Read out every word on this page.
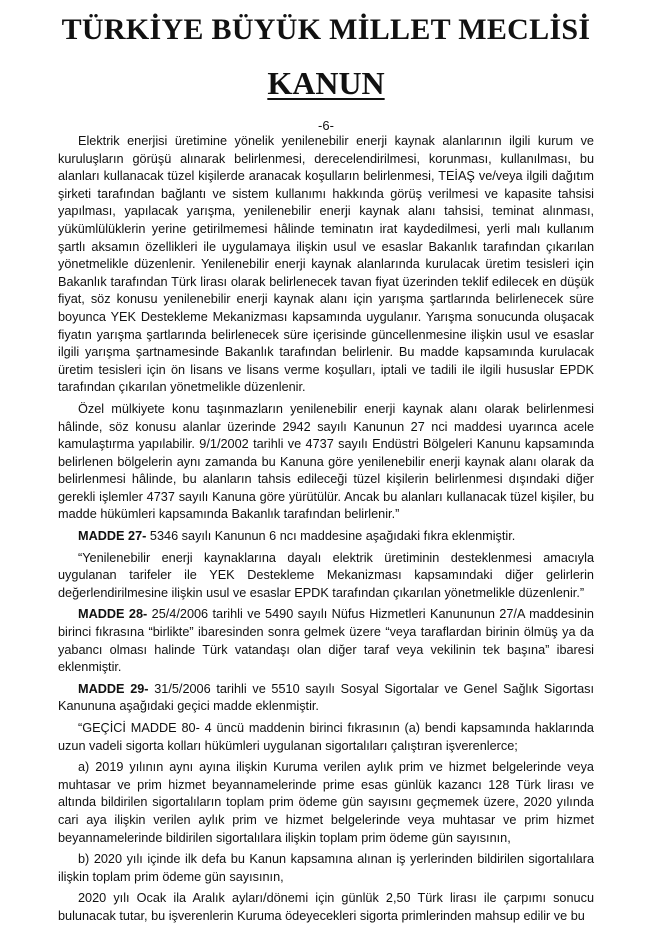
TÜRKİYE BÜYÜK MİLLET MECLİSİ
KANUN
-6-

Elektrik enerjisi üretimine yönelik yenilenebilir enerji kaynak alanlarının ilgili kurum ve kuruluşların görüşü alınarak belirlenmesi, derecelendirilmesi, korunması, kullanılması, bu alanları kullanacak tüzel kişilerde aranacak koşulların belirlenmesi, TEİAŞ ve/veya ilgili dağıtım şirketi tarafından bağlantı ve sistem kullanımı hakkında görüş verilmesi ve kapasite tahsisi yapılması, yapılacak yarışma, yenilenebilir enerji kaynak alanı tahsisi, teminat alınması, yükümlülüklerin yerine getirilmemesi hâlinde teminatın irat kaydedilmesi, yerli malı kullanım şartlı aksamın özellikleri ile uygulamaya ilişkin usul ve esaslar Bakanlık tarafından çıkarılan yönetmelikle düzenlenir. Yenilenebilir enerji kaynak alanlarında kurulacak üretim tesisleri için Bakanlık tarafından Türk lirası olarak belirlenecek tavan fiyat üzerinden teklif edilecek en düşük fiyat, söz konusu yenilenebilir enerji kaynak alanı için yarışma şartlarında belirlenecek süre boyunca YEK Destekleme Mekanizması kapsamında uygulanır. Yarışma sonucunda oluşacak fiyatın yarışma şartlarında belirlenecek süre içerisinde güncellenmesine ilişkin usul ve esaslar ilgili yarışma şartnamesinde Bakanlık tarafından belirlenir. Bu madde kapsamında kurulacak üretim tesisleri için ön lisans ve lisans verme koşulları, iptali ve tadili ile ilgili hususlar EPDK tarafından çıkarılan yönetmelikle düzenlenir.

Özel mülkiyete konu taşınmazların yenilenebilir enerji kaynak alanı olarak belirlenmesi hâlinde, söz konusu alanlar üzerinde 2942 sayılı Kanunun 27 nci maddesi uyarınca acele kamulaştırma yapılabilir. 9/1/2002 tarihli ve 4737 sayılı Endüstri Bölgeleri Kanunu kapsamında belirlenen bölgelerin aynı zamanda bu Kanuna göre yenilenebilir enerji kaynak alanı olarak da belirlenmesi hâlinde, bu alanların tahsis edileceği tüzel kişilerin belirlenmesi dışındaki diğer gerekli işlemler 4737 sayılı Kanuna göre yürütülür. Ancak bu alanları kullanacak tüzel kişiler, bu madde hükümleri kapsamında Bakanlık tarafından belirlenir.”

MADDE 27- 5346 sayılı Kanunun 6 ncı maddesine aşağıdaki fıkra eklenmiştir.

“Yenilenebilir enerji kaynaklarına dayalı elektrik üretiminin desteklenmesi amacıyla uygulanan tarifeler ile YEK Destekleme Mekanizması kapsamındaki diğer gelirlerin değerlendirilmesine ilişkin usul ve esaslar EPDK tarafından çıkarılan yönetmelikle düzenlenir.”

MADDE 28- 25/4/2006 tarihli ve 5490 sayılı Nüfus Hizmetleri Kanununun 27/A maddesinin birinci fıkrasına “birlikte” ibaresinden sonra gelmek üzere “veya taraflardan birinin ölmüş ya da yabancı olması halinde Türk vatandaşı olan diğer taraf veya vekilinin tek başına” ibaresi eklenmiştir.

MADDE 29- 31/5/2006 tarihli ve 5510 sayılı Sosyal Sigortalar ve Genel Sağlık Sigortası Kanununa aşağıdaki geçici madde eklenmiştir.

“GEÇİCİ MADDE 80- 4 üncü maddenin birinci fıkrasının (a) bendi kapsamında haklarında uzun vadeli sigorta kolları hükümleri uygulanan sigortalıları çalıştıran işverenlerce;

a) 2019 yılının aynı ayına ilişkin Kuruma verilen aylık prim ve hizmet belgelerinde veya muhtasar ve prim hizmet beyannamelerinde prime esas günlük kazancı 128 Türk lirası ve altında bildirilen sigortalıların toplam prim ödeme gün sayısını geçmemek üzere, 2020 yılında cari aya ilişkin verilen aylık prim ve hizmet belgelerinde veya muhtasar ve prim hizmet beyannamelerinde bildirilen sigortalılara ilişkin toplam prim ödeme gün sayısının,

b) 2020 yılı içinde ilk defa bu Kanun kapsamına alınan iş yerlerinden bildirilen sigortalılara ilişkin toplam prim ödeme gün sayısının,

2020 yılı Ocak ila Aralık ayları/dönemi için günlük 2,50 Türk lirası ile çarpımı sonucu bulunacak tutar, bu işverenlerin Kuruma ödeyecekleri sigorta primlerinden mahsup edilir ve bu
